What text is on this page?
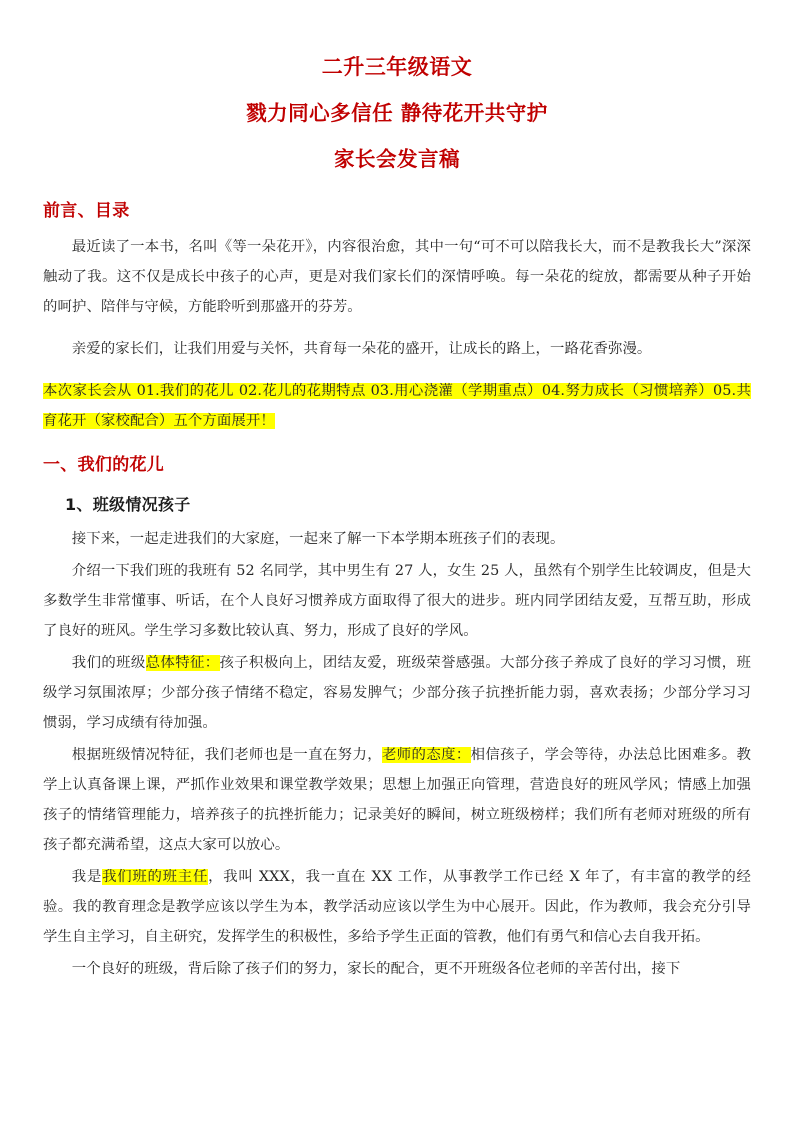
二升三年级语文
戮力同心多信任 静待花开共守护
家长会发言稿
前言、目录

最近读了一本书，名叫《等一朵花开》，内容很治愈，其中一句“可不可以陪我长大，而不是教我长大”深深触动了我。这不仅是成长中孩子的心声，更是对我们家长们的深情呼唤。每一朵花的绽放，都需要从种子开始的呵护、陪伴与守候，方能聆听到那盛开的芬芳。

亲爱的家长们，让我们用爱与关怀，共育每一朵花的盛开，让成长的路上，一路花香弥漫。

本次家长会从 01.我们的花儿 02.花儿的花期特点 03.用心浇灌（学期重点）04.努力成长（习惯培养）05.共育花开（家校配合）五个方面展开！

一、我们的花儿
1、班级情况孩子

接下来，一起走进我们的大家庭，一起来了解一下本学期本班孩子们的表现。

介绍一下我们班的我班有 52 名同学，其中男生有 27 人，女生 25 人，虽然有个别学生比较调皮，但是大多数学生非常懂事、听话，在个人良好习惯养成方面取得了很大的进步。班内同学团结友爱，互帮互助，形成了良好的班风。学生学习多数比较认真、努力，形成了良好的学风。

我们的班级总体特征：孩子积极向上，团结友爱，班级荣誉感强。大部分孩子养成了良好的学习习惯，班级学习氛围浓厚；少部分孩子情绪不稳定，容易发脾气；少部分孩子抗挫折能力弱，喜欢表扬；少部分学习习惯弱，学习成绩有待加强。

根据班级情况特征，我们老师也是一直在努力，老师的态度：相信孩子，学会等待，办法总比困难多。教学上认真备课上课，严抓作业效果和课堂教学效果；思想上加强正向管理，营造良好的班风学风；情感上加强孩子的情绪管理能力，培养孩子的抗挫折能力；记录美好的瞬间，树立班级榜样；我们所有老师对班级的所有孩子都充满希望，这点大家可以放心。

我是我们班的班主任，我叫 XXX，我一直在 XX 工作，从事教学工作已经 X 年了，有丰富的教学的经验。我的教育理念是教学应该以学生为本，教学活动应该以学生为中心展开。因此，作为教师，我会充分引导学生自主学习，自主研究，发挥学生的积极性，多给予学生正面的管教，他们有勇气和信心去自我开拓。

一个良好的班级，背后除了孩子们的努力，家长的配合，更不开班级各位老师的辛苦付出，接下
